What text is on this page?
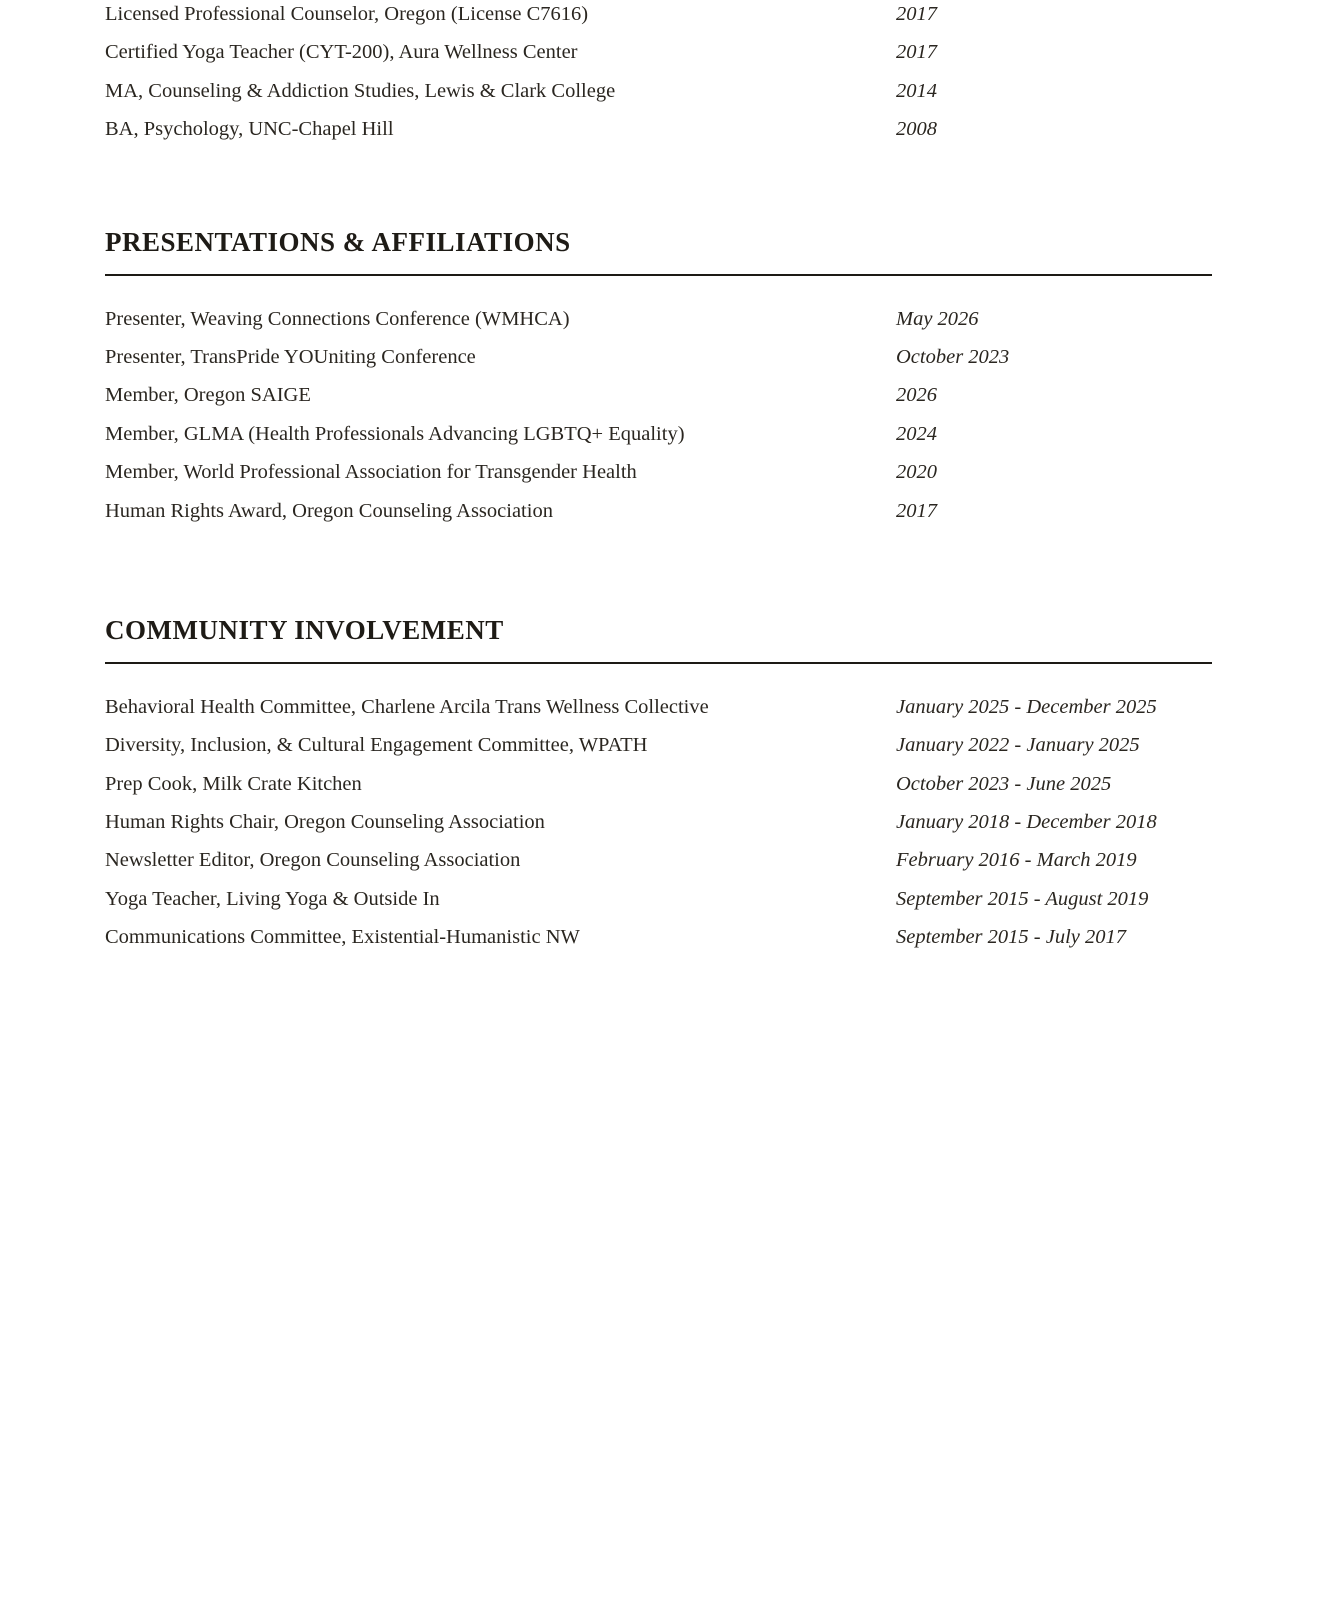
Licensed Professional Counselor, Oregon (License C7616)	2017
Certified Yoga Teacher (CYT-200), Aura Wellness Center	2017
MA, Counseling & Addiction Studies, Lewis & Clark College	2014
BA, Psychology, UNC-Chapel Hill	2008
PRESENTATIONS & AFFILIATIONS
Presenter, Weaving Connections Conference (WMHCA)	May 2026
Presenter, TransPride YOUniting Conference	October 2023
Member, Oregon SAIGE	2026
Member, GLMA (Health Professionals Advancing LGBTQ+ Equality)	2024
Member, World Professional Association for Transgender Health	2020
Human Rights Award, Oregon Counseling Association	2017
COMMUNITY INVOLVEMENT
Behavioral Health Committee, Charlene Arcila Trans Wellness Collective	January 2025 - December 2025
Diversity, Inclusion, & Cultural Engagement Committee, WPATH	January 2022 - January 2025
Prep Cook, Milk Crate Kitchen	October 2023 - June 2025
Human Rights Chair, Oregon Counseling Association	January 2018 - December 2018
Newsletter Editor, Oregon Counseling Association	February 2016 - March 2019
Yoga Teacher, Living Yoga & Outside In	September 2015 - August 2019
Communications Committee, Existential-Humanistic NW	September 2015 - July 2017
